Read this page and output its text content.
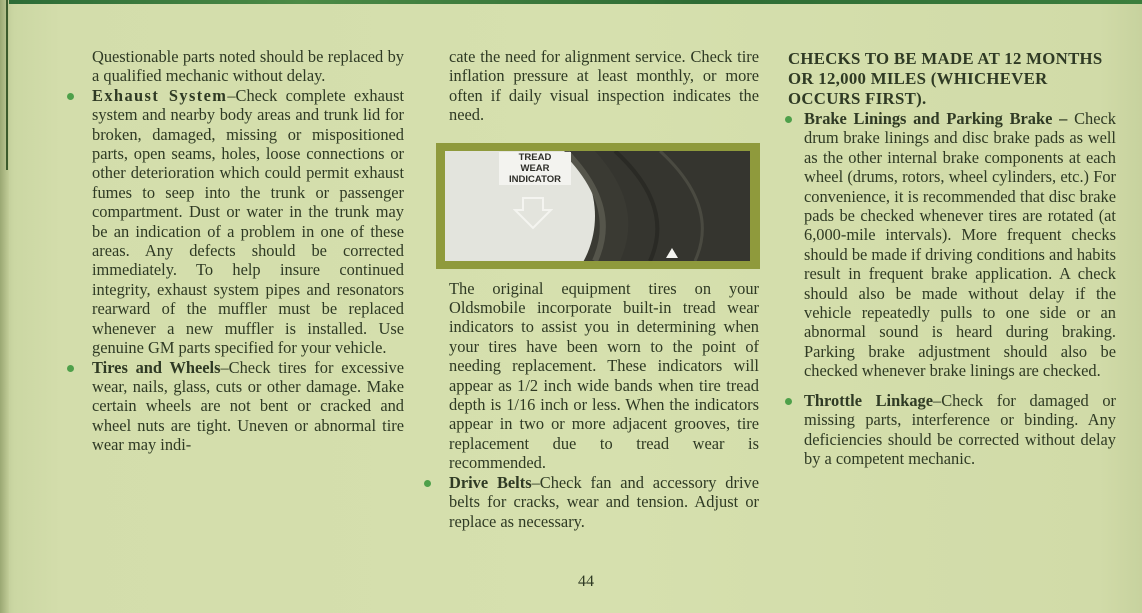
Questionable parts noted should be replaced by a qualified mechanic without delay.

Exhaust System–Check complete exhaust system and nearby body areas and trunk lid for broken, damaged, missing or mispositioned parts, open seams, holes, loose connections or other deterioration which could permit exhaust fumes to seep into the trunk or passenger compartment. Dust or water in the trunk may be an indication of a problem in one of these areas. Any defects should be corrected immediately. To help insure continued integrity, exhaust system pipes and resonators rearward of the muffler must be replaced whenever a new muffler is installed. Use genuine GM parts specified for your vehicle.

Tires and Wheels–Check tires for excessive wear, nails, glass, cuts or other damage. Make certain wheels are not bent or cracked and wheel nuts are tight. Uneven or abnormal tire wear may indi-

cate the need for alignment service. Check tire inflation pressure at least monthly, or more often if daily visual inspection indicates the need.

TREAD
WEAR
INDICATOR

The original equipment tires on your Oldsmobile incorporate built-in tread wear indicators to assist you in determining when your tires have been worn to the point of needing replacement. These indicators will appear as 1/2 inch wide bands when tire tread depth is 1/16 inch or less. When the indicators appear in two or more adjacent grooves, tire replacement due to tread wear is recommended.

Drive Belts–Check fan and accessory drive belts for cracks, wear and tension. Adjust or replace as necessary.

CHECKS TO BE MADE AT 12 MONTHS OR 12,000 MILES (WHICHEVER OCCURS FIRST).

Brake Linings and Parking Brake – Check drum brake linings and disc brake pads as well as the other internal brake components at each wheel (drums, rotors, wheel cylinders, etc.) For convenience, it is recommended that disc brake pads be checked whenever tires are rotated (at 6,000-mile intervals). More frequent checks should be made if driving conditions and habits result in frequent brake application. A check should also be made without delay if the vehicle repeatedly pulls to one side or an abnormal sound is heard during braking. Parking brake adjustment should also be checked whenever brake linings are checked.

Throttle Linkage–Check for damaged or missing parts, interference or binding. Any deficiencies should be corrected without delay by a competent mechanic.

44
